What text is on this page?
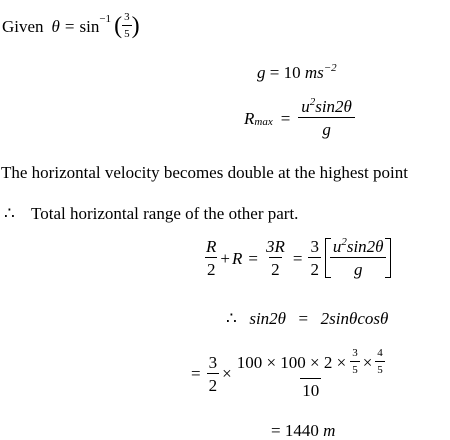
Given θ = sin −1 ( $\frac{3}{5}$ )
g = 10 $ms^{-2}$
R $\max = \frac{u^2\sin 2\theta}{g}$
The horizontal velocity becomes double at the highest point
∴ Total horizontal range of the other part.
$\frac{R}{2} + R = \frac{3R}{2} = \frac{3}{2} \frac{u^2\sin 2\theta}{g}$
∴ sin2θ = 2sinθcosθ
= $\frac{3}{2}$ ×
$100 \times 100 \times 2 \times \frac{3}{5} \times \frac{4}{5}$
10
= 1440 m
